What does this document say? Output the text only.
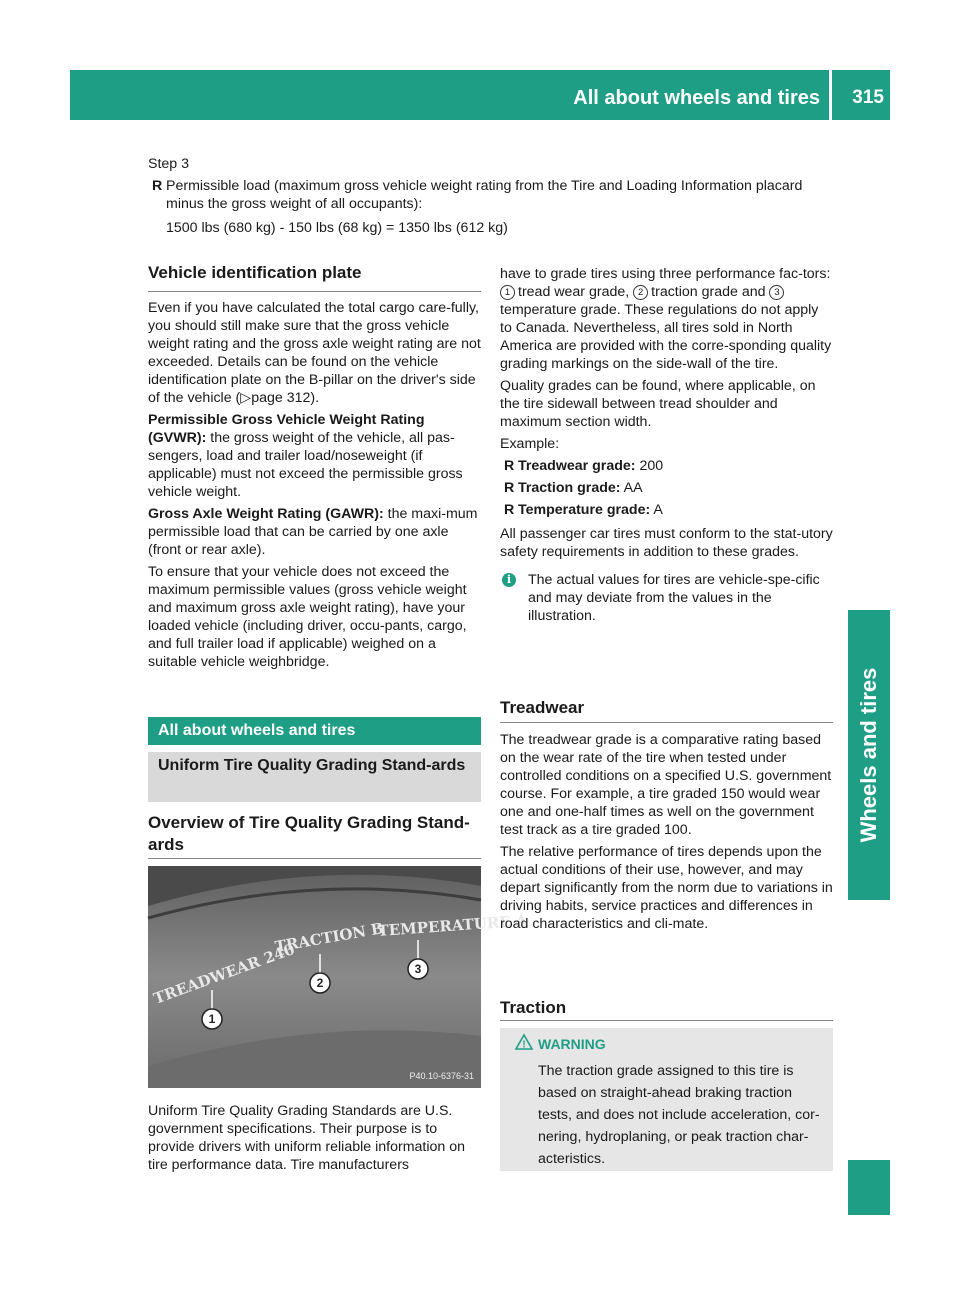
All about wheels and tires 315
Wheels and tires

Step 3

R Permissible load (maximum gross vehicle weight rating from the Tire and Loading Information placard minus the gross weight of all occupants):

1500 lbs (680 kg) - 150 lbs (68 kg) = 1350 lbs (612 kg)

Vehicle identification plate

Even if you have calculated the total cargo care-fully, you should still make sure that the gross vehicle weight rating and the gross axle weight rating are not exceeded. Details can be found on the vehicle identification plate on the B-pillar on the driver's side of the vehicle (▷page 312).

Permissible Gross Vehicle Weight Rating (GVWR): the gross weight of the vehicle, all pas-sengers, load and trailer load/noseweight (if applicable) must not exceed the permissible gross vehicle weight.

Gross Axle Weight Rating (GAWR): the maxi-mum permissible load that can be carried by one axle (front or rear axle).

To ensure that your vehicle does not exceed the maximum permissible values (gross vehicle weight and maximum gross axle weight rating), have your loaded vehicle (including driver, occu-pants, cargo, and full trailer load if applicable) weighed on a suitable vehicle weighbridge.

All about wheels and tires
Uniform Tire Quality Grading Stand-ards
Overview of Tire Quality Grading Stand-ards
TREADWEAR 240
TRACTION B
TEMPERATURE A
1
2
3
P40.10-6376-31
Uniform Tire Quality Grading Standards are U.S. government specifications. Their purpose is to provide drivers with uniform reliable information on tire performance data. Tire manufacturers

have to grade tires using three performance fac-tors: 1 tread wear grade, 2 traction grade and 3temperature grade. These regulations do not apply to Canada. Nevertheless, all tires sold in North America are provided with the corre-sponding quality grading markings on the side-wall of the tire.

Quality grades can be found, where applicable, on the tire sidewall between tread shoulder and maximum section width.

Example:

R Treadwear grade: 200
R Traction grade: AA
R Temperature grade: A

All passenger car tires must conform to the stat-utory safety requirements in addition to these grades.

i	The actual values for tires are vehicle-spe-cific and may deviate from the values in the illustration.
Treadwear

The treadwear grade is a comparative rating based on the wear rate of the tire when tested under controlled conditions on a specified U.S. government course. For example, a tire graded 150 would wear one and one-half times as well on the government test track as a tire graded 100.

The relative performance of tires depends upon the actual conditions of their use, however, and may depart significantly from the norm due to variations in driving habits, service practices and differences in road characteristics and cli-mate.

Traction
! WARNING
The traction grade assigned to this tire is based on straight-ahead braking traction tests, and does not include acceleration, cor-nering, hydroplaning, or peak traction char-acteristics.
